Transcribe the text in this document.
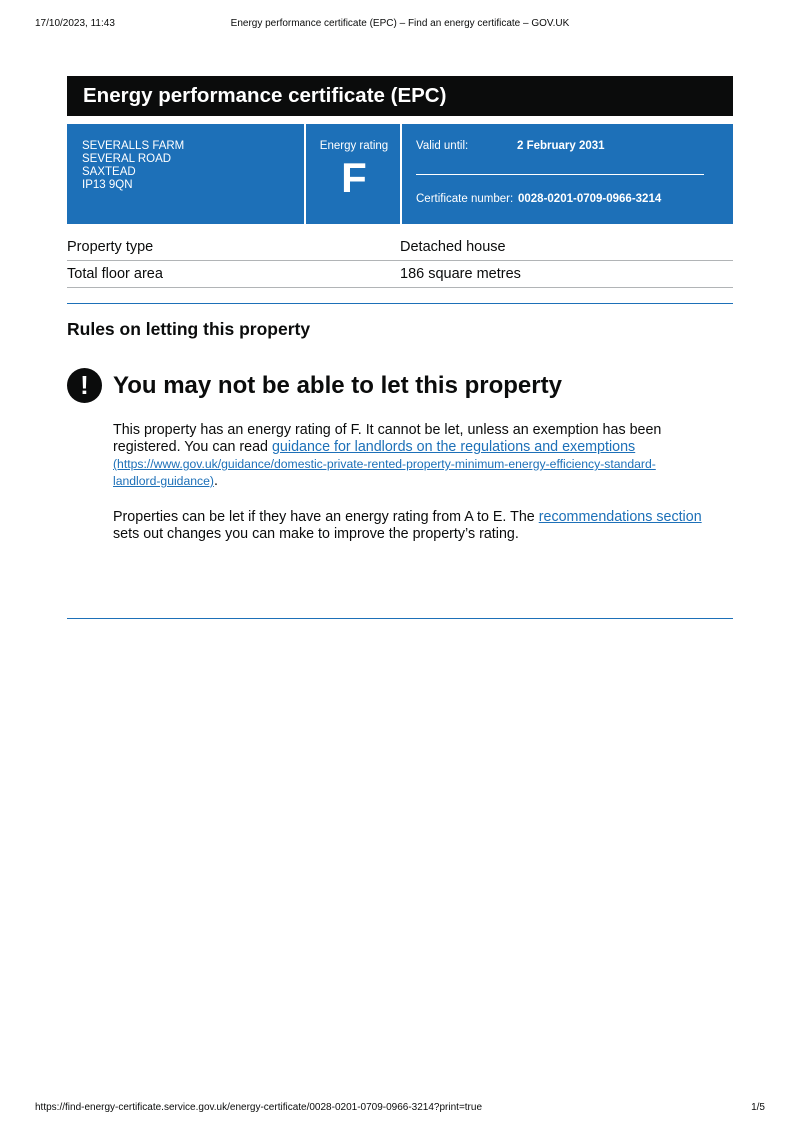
17/10/2023, 11:43	Energy performance certificate (EPC) – Find an energy certificate – GOV.UK
Energy performance certificate (EPC)
SEVERALLS FARM
SEVERAL ROAD
SAXTEAD
IP13 9QN
Energy rating
F
Valid until:	2 February 2031
Certificate number: 0028-0201-0709-0966-3214
Property type	Detached house
Total floor area	186 square metres
Rules on letting this property
!	You may not be able to let this property

This property has an energy rating of F. It cannot be let, unless an exemption has been registered. You can read guidance for landlords on the regulations and exemptions
(https://www.gov.uk/guidance/domestic-private-rented-property-minimum-energy-efficiency-standard-
landlord-guidance).

Properties can be let if they have an energy rating from A to E. The recommendations section sets out changes you can make to improve the property’s rating.

https://find-energy-certificate.service.gov.uk/energy-certificate/0028-0201-0709-0966-3214?print=true	1/5
